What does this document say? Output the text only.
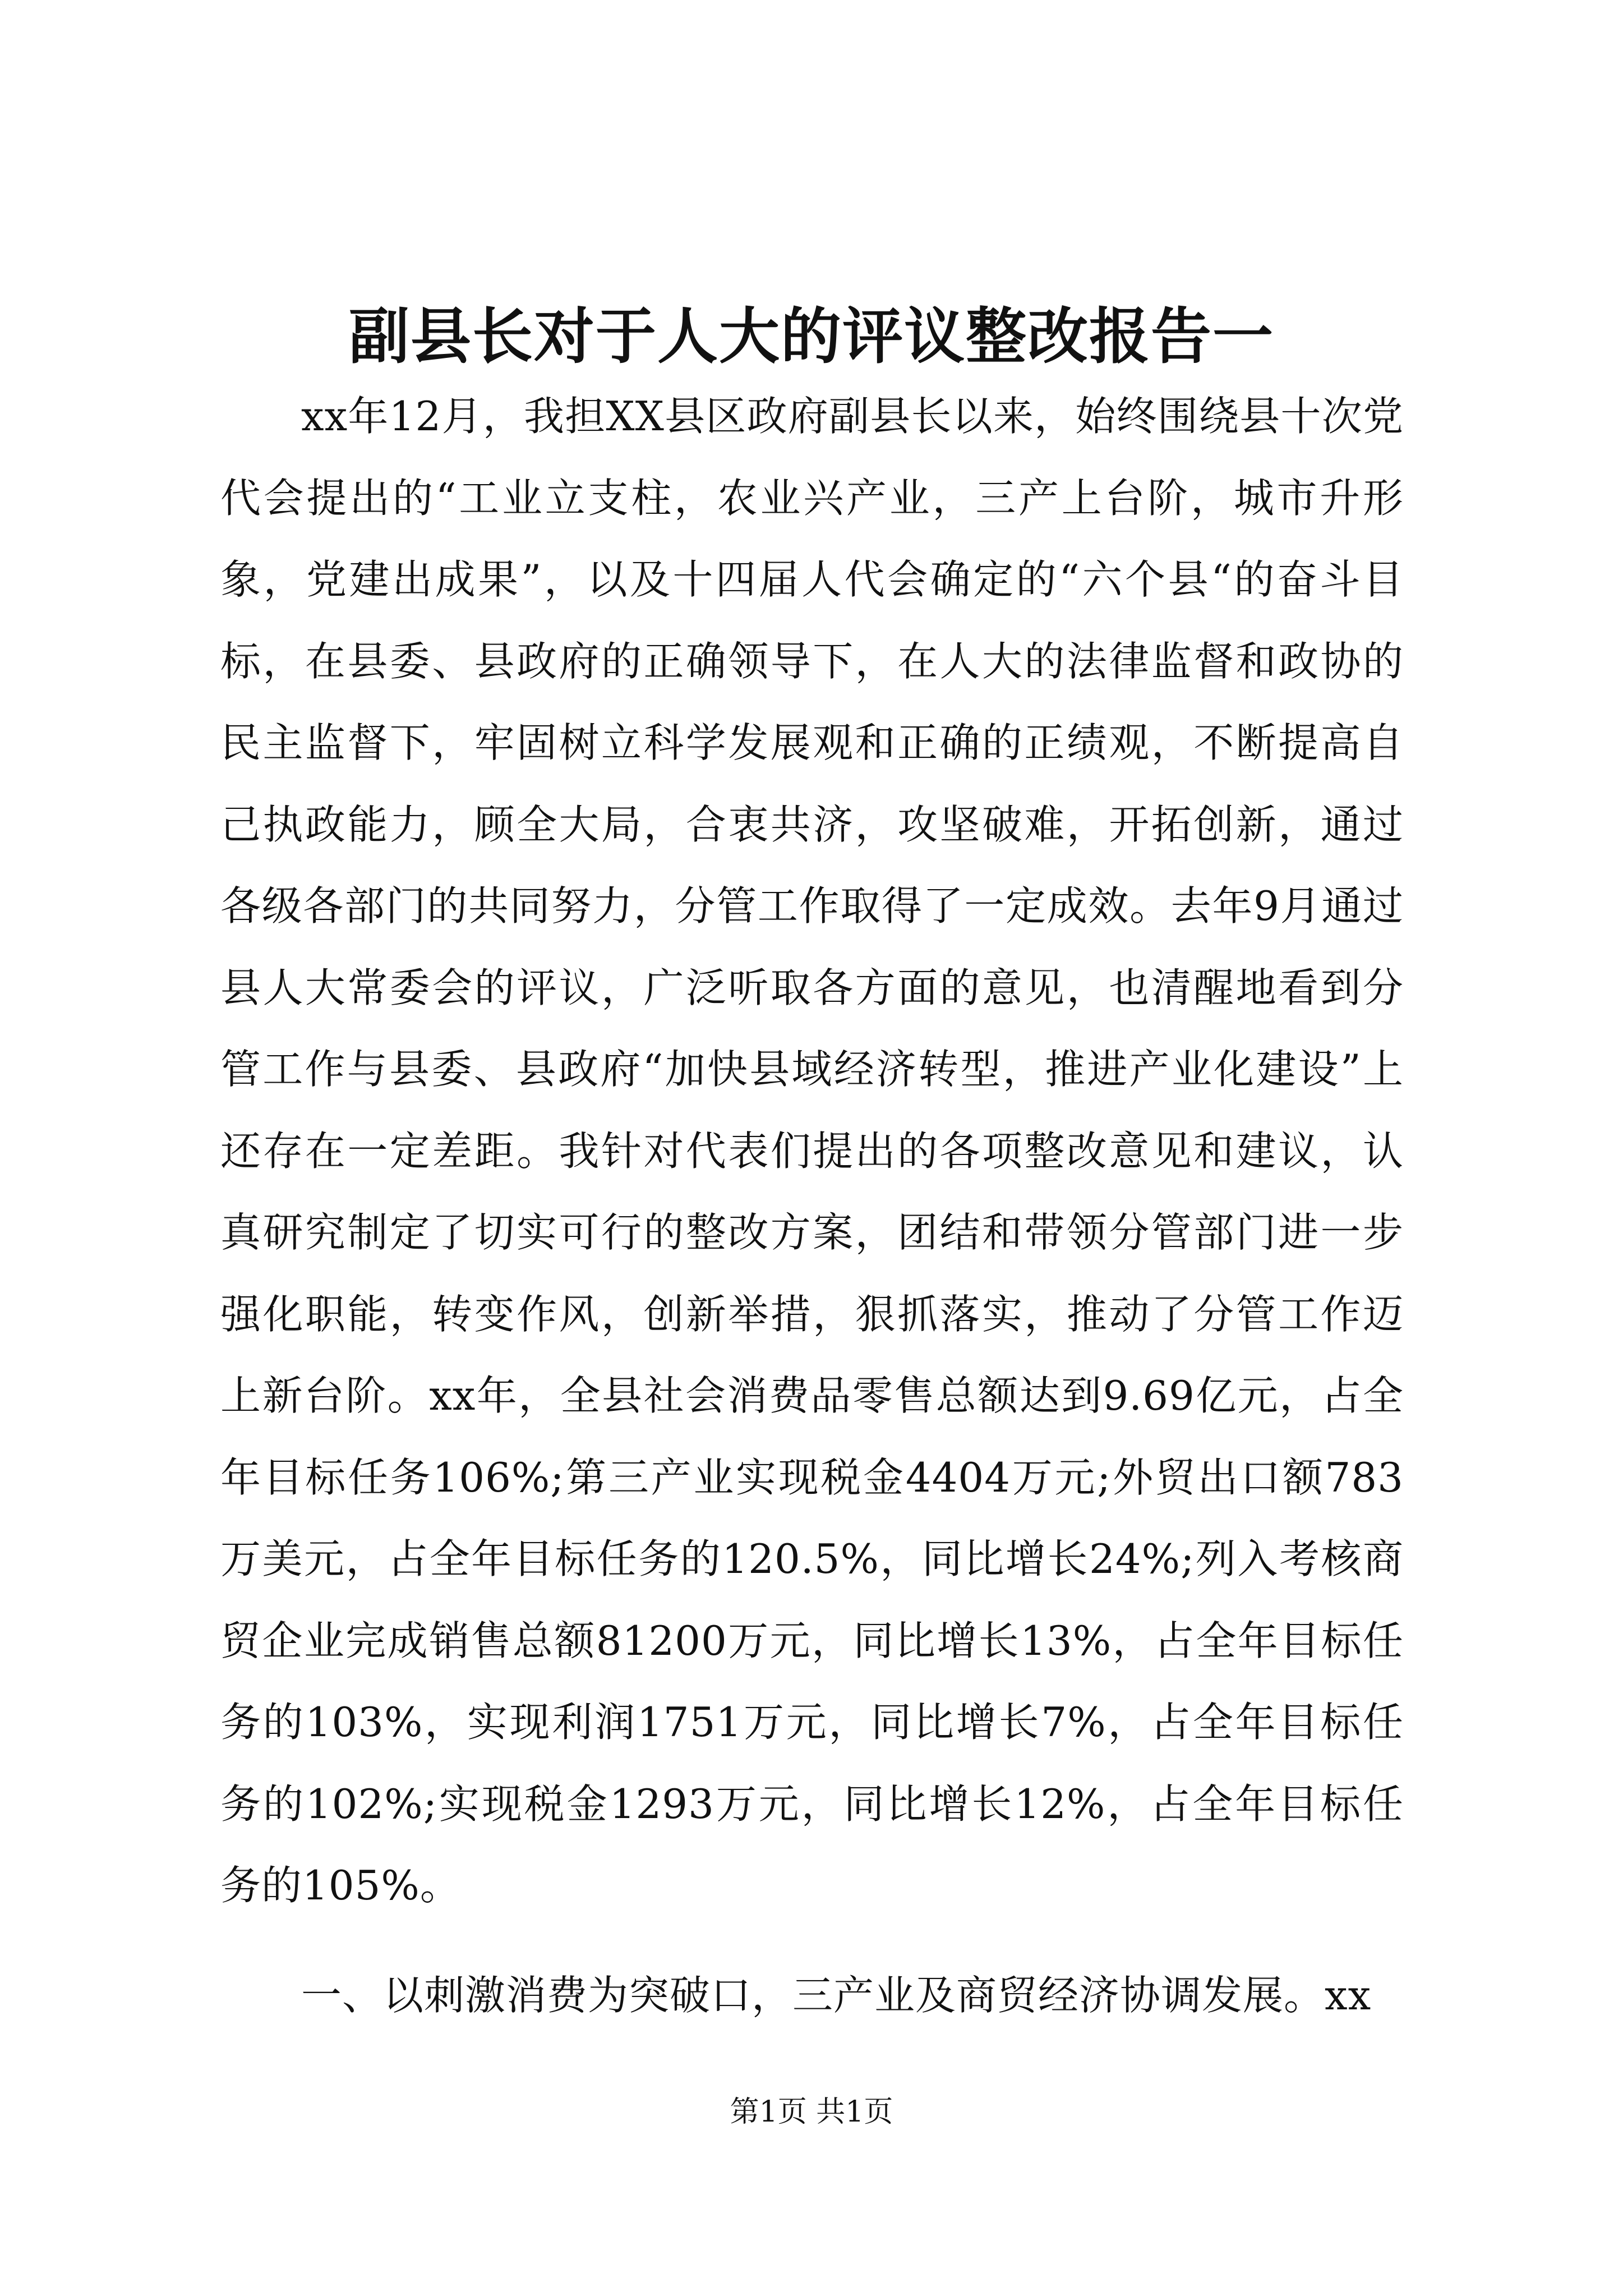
副县长对于人大的评议整改报告一

xx年12月，我担XX县区政府副县长以来，始终围绕县十次党代会提出的“工业立支柱，农业兴产业，三产上台阶，城市升形象，党建出成果”，以及十四届人代会确定的“六个县“的奋斗目标，在县委、县政府的正确领导下，在人大的法律监督和政协的民主监督下，牢固树立科学发展观和正确的正绩观，不断提高自己执政能力，顾全大局，合衷共济，攻坚破难，开拓创新，通过各级各部门的共同努力，分管工作取得了一定成效。去年9月通过县人大常委会的评议，广泛听取各方面的意见，也清醒地看到分管工作与县委、县政府“加快县域经济转型，推进产业化建设”上还存在一定差距。我针对代表们提出的各项整改意见和建议，认真研究制定了切实可行的整改方案，团结和带领分管部门进一步强化职能，转变作风，创新举措，狠抓落实，推动了分管工作迈上新台阶。xx年，全县社会消费品零售总额达到9.69亿元，占全年目标任务106%;第三产业实现税金4404万元;外贸出口额783万美元，占全年目标任务的120.5%，同比增长24%;列入考核商贸企业完成销售总额81200万元，同比增长13%，占全年目标任务的103%，实现利润1751万元，同比增长7%，占全年目标任务的102%;实现税金1293万元，同比增长12%，占全年目标任务的105%。

一、以刺激消费为突破口，三产业及商贸经济协调发展。xx

第1页 共1页
